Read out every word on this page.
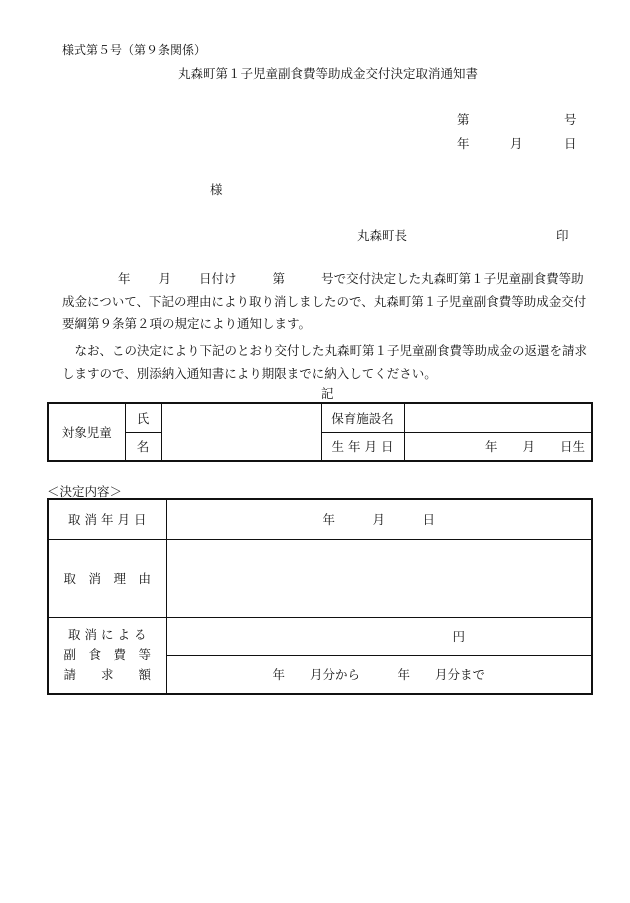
様式第５号（第９条関係）
丸森町第１子児童副食費等助成金交付決定取消通知書
第	号
年	月	日
様
丸森町長	印

年 月 日付け	第	号で交付決定した丸森町第１子児童副食費等助成金について、下記の理由により取り消しましたので、丸森町第１子児童副食費等助成金交付要綱第９条第２項の規定により通知します。

なお、この決定により下記のとおり交付した丸森町第１子児童副食費等助成金の返還を請求しますので、別添納入通知書により期限までに納入してください。

記
対象児童	氏		保育施設名	
	名		生 年 月 日	年　　月　　日生
＜決定内容＞
取 消 年 月 日	年　　　月　　　日
取　消　理　由	

取 消 に よ る
副　食　費　等
請　　求　　額	円
	年　　月分から　　　年　　月分まで
